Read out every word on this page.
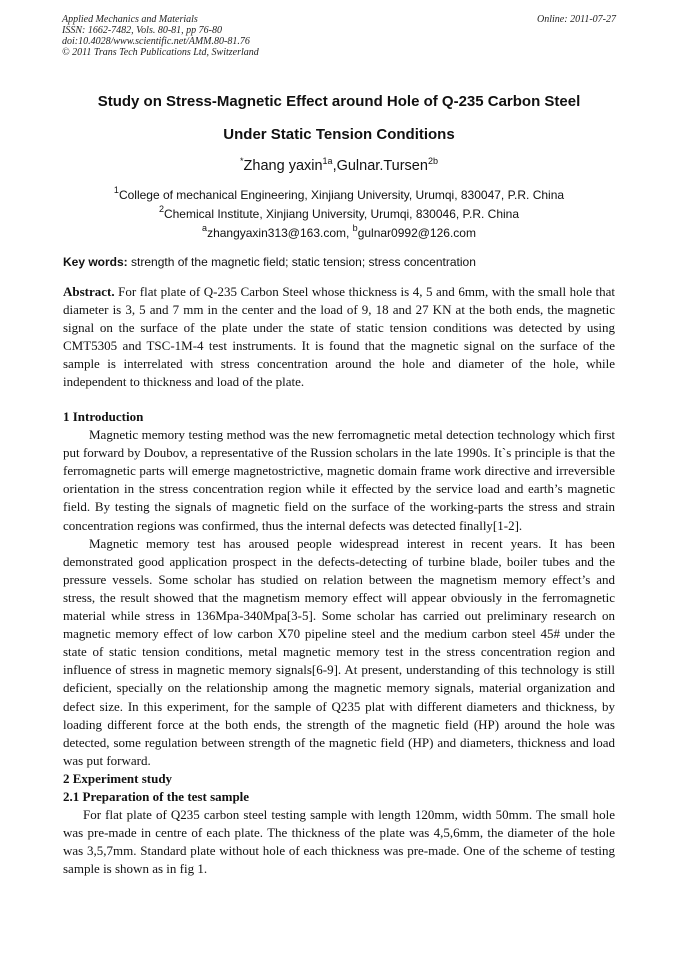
Applied Mechanics and Materials
ISSN: 1662-7482, Vols. 80-81, pp 76-80
doi:10.4028/www.scientific.net/AMM.80-81.76
© 2011 Trans Tech Publications Ltd, Switzerland
Online: 2011-07-27
Study on Stress-Magnetic Effect around Hole of Q-235 Carbon Steel
Under Static Tension Conditions
*Zhang yaxin$^{1a}$,Gulnar.Tursen$^{2b}$
$^1$College of mechanical Engineering, Xinjiang University, Urumqi, 830047, P.R. China
$^2$Chemical Institute, Xinjiang University, Urumqi, 830046, P.R. China
$^a$zhangyaxin313@163.com, $^b$gulnar0992@126.com
Key words: strength of the magnetic field; static tension; stress concentration

Abstract. For flat plate of Q-235 Carbon Steel whose thickness is 4, 5 and 6mm, with the small hole that diameter is 3, 5 and 7 mm in the center and the load of 9, 18 and 27 KN at the both ends, the magnetic signal on the surface of the plate under the state of static tension conditions was detected by using CMT5305 and TSC-1M-4 test instruments. It is found that the magnetic signal on the surface of the sample is interrelated with stress concentration around the hole and diameter of the hole, while independent to thickness and load of the plate.

1 Introduction

Magnetic memory testing method was the new ferromagnetic metal detection technology which first put forward by Doubov, a representative of the Russion scholars in the late 1990s. It`s principle is that the ferromagnetic parts will emerge magnetostrictive, magnetic domain frame work directive and irreversible orientation in the stress concentration region while it effected by the service load and earth’s magnetic field. By testing the signals of magnetic field on the surface of the working-parts the stress and strain concentration regions was confirmed, thus the internal defects was detected finally[1-2].

Magnetic memory test has aroused people widespread interest in recent years. It has been demonstrated good application prospect in the defects-detecting of turbine blade, boiler tubes and the pressure vessels. Some scholar has studied on relation between the magnetism memory effect’s and stress, the result showed that the magnetism memory effect will appear obviously in the ferromagnetic material while stress in 136Mpa-340Mpa[3-5]. Some scholar has carried out preliminary research on magnetic memory effect of low carbon X70 pipeline steel and the medium carbon steel 45# under the state of static tension conditions, metal magnetic memory test in the stress concentration region and influence of stress in magnetic memory signals[6-9]. At present, understanding of this technology is still deficient, specially on the relationship among the magnetic memory signals, material organization and defect size. In this experiment, for the sample of Q235 plat with different diameters and thickness, by loading different force at the both ends, the strength of the magnetic field (HP) around the hole was detected, some regulation between strength of the magnetic field (HP) and diameters, thickness and load was put forward.

2 Experiment study
2.1 Preparation of the test sample

For flat plate of Q235 carbon steel testing sample with length 120mm, width 50mm. The small hole was pre-made in centre of each plate. The thickness of the plate was 4,5,6mm, the diameter of the hole was 3,5,7mm. Standard plate without hole of each thickness was pre-made. One of the scheme of testing sample is shown as in fig 1.
